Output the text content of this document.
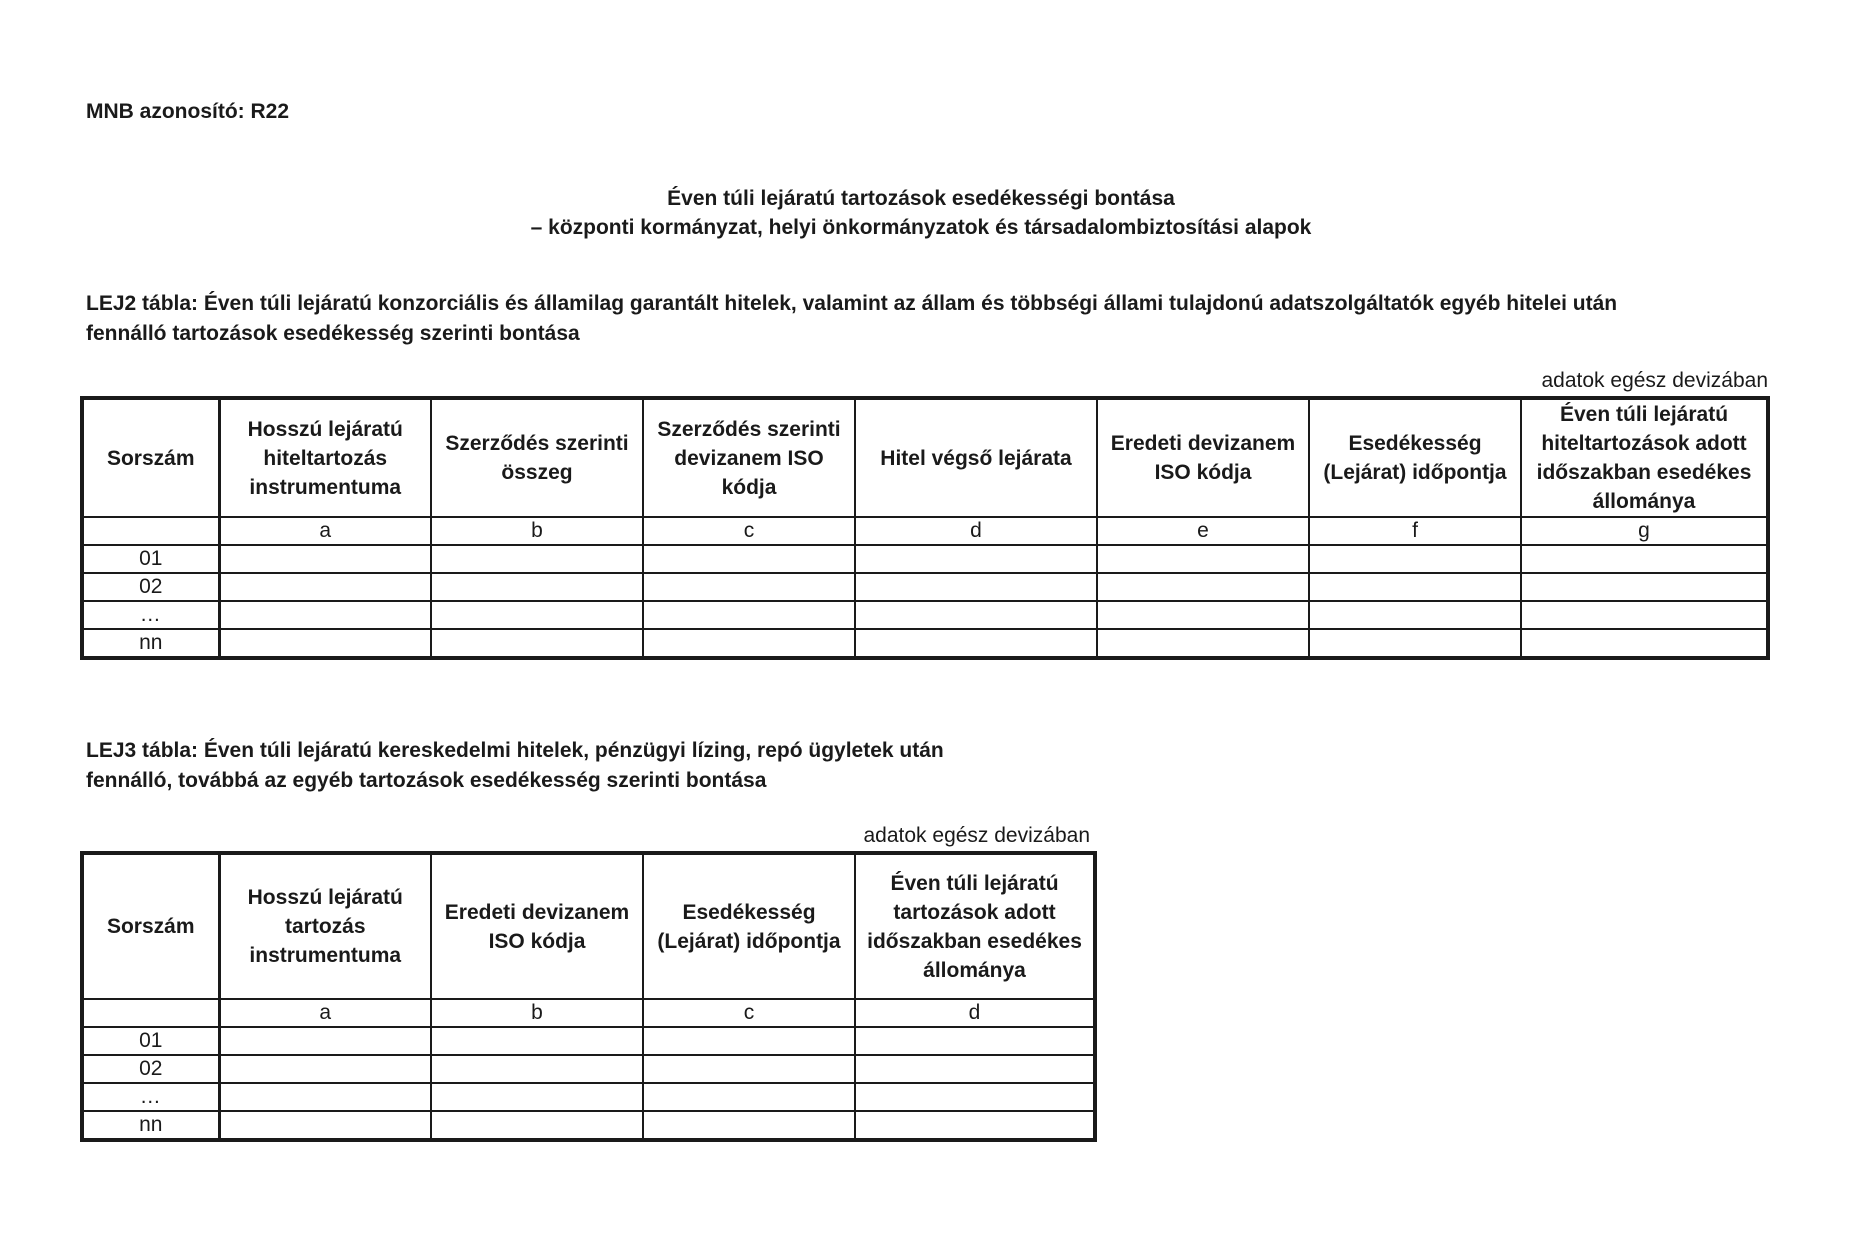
MNB azonosító: R22
Éven túli lejáratú tartozások esedékességi bontása
– központi kormányzat, helyi önkormányzatok és társadalombiztosítási alapok
LEJ2 tábla: Éven túli lejáratú konzorciális és államilag garantált hitelek, valamint az állam és többségi állami tulajdonú adatszolgáltatók egyéb hitelei után
fennálló tartozások esedékesség szerinti bontása
adatok egész devizában
Sorszám	Hosszú lejáratú hiteltartozás instrumentuma	Szerződés szerinti összeg	Szerződés szerinti devizanem ISO kódja	Hitel végső lejárata	Eredeti devizanem ISO kódja	Esedékesség (Lejárat) időpontja	Éven túli lejáratú hiteltartozások adott időszakban esedékes állománya
	a	b	c	d	e	f	g
01							
02							
…							
nn							
LEJ3 tábla: Éven túli lejáratú kereskedelmi hitelek, pénzügyi lízing, repó ügyletek után
fennálló, továbbá az egyéb tartozások esedékesség szerinti bontása
adatok egész devizában
Sorszám	Hosszú lejáratú tartozás instrumentuma	Eredeti devizanem ISO kódja	Esedékesség (Lejárat) időpontja	Éven túli lejáratú tartozások adott időszakban esedékes állománya
	a	b	c	d
01				
02				
…				
nn				
